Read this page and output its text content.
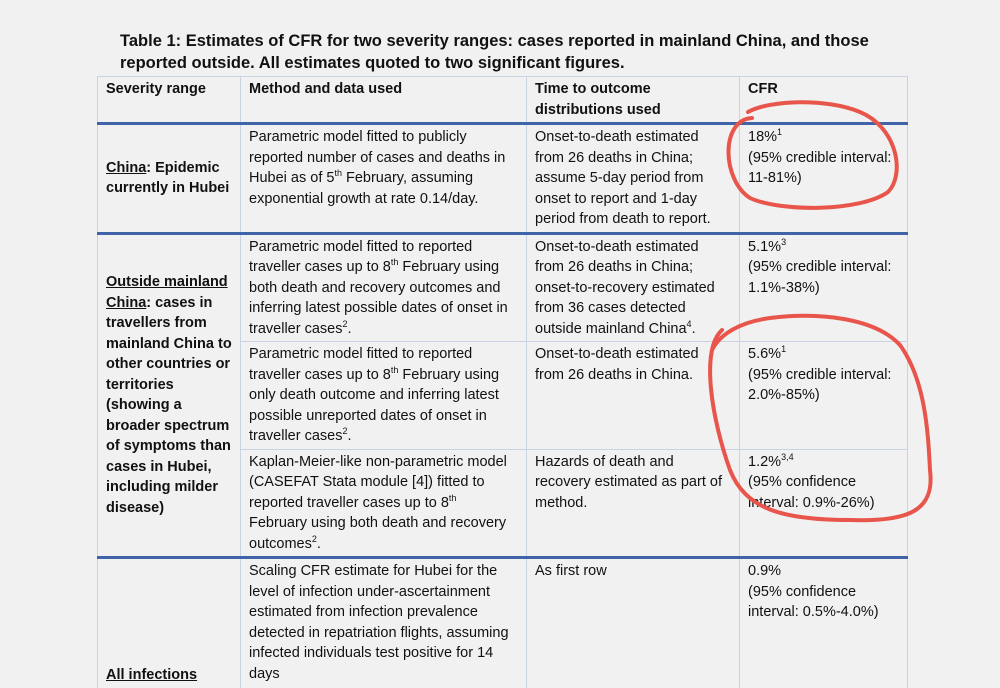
Table 1: Estimates of CFR for two severity ranges: cases reported in mainland China, and those reported outside. All estimates quoted to two significant figures.
Severity range	Method and data used	Time to outcome distributions used	CFR
China: Epidemic currently in Hubei	Parametric model fitted to publicly reported number of cases and deaths in Hubei as of 5th February, assuming exponential growth at rate 0.14/day.	Onset-to-death estimated from 26 deaths in China; assume 5-day period from onset to report and 1-day period from death to report.	18%$^1$
(95% credible interval: 11-81%)
Outside mainland China: cases in travellers from mainland China to other countries or territories (showing a broader spectrum of symptoms than cases in Hubei, including milder disease)	Parametric model fitted to reported traveller cases up to 8th February using both death and recovery outcomes and inferring latest possible dates of onset in traveller cases$^2$.	Onset-to-death estimated from 26 deaths in China; onset-to-recovery estimated from 36 cases detected outside mainland China$^4$.	5.1%$^3$
(95% credible interval: 1.1%-38%)
	Parametric model fitted to reported traveller cases up to 8th February using only death outcome and inferring latest possible unreported dates of onset in traveller cases$^2$.	Onset-to-death estimated from 26 deaths in China.	5.6%$^1$
(95% credible interval: 2.0%-85%)
	Kaplan-Meier-like non-parametric model (CASEFAT Stata module [4]) fitted to reported traveller cases up to 8th February using both death and recovery outcomes$^2$.	Hazards of death and recovery estimated as part of method.	1.2%$^{3,4}$
(95% confidence interval: 0.9%-26%)
All infections	Scaling CFR estimate for Hubei for the level of infection under-ascertainment estimated from infection prevalence detected in repatriation flights, assuming infected individuals test positive for 14 days	As first row	0.9%
(95% confidence interval: 0.5%-4.0%)
